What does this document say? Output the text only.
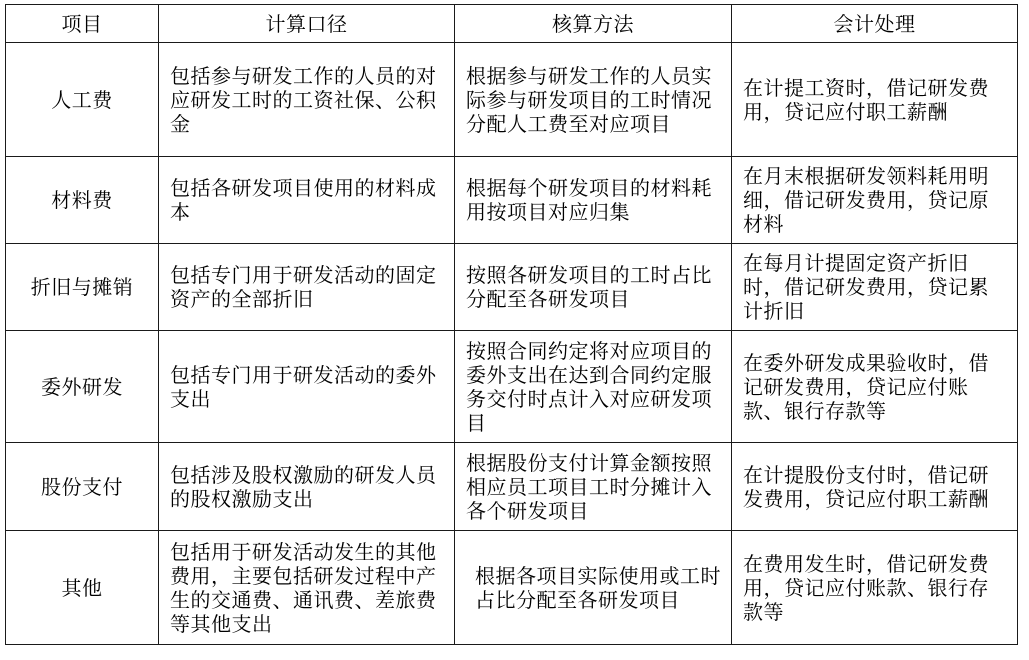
项目	计算口径	核算方法	会计处理
人工费	包括参与研发工作的人员的对应研发工时的工资社保、公积金	根据参与研发工作的人员实际参与研发项目的工时情况分配人工费至对应项目	在计提工资时，借记研发费用，贷记应付职工薪酬
材料费	包括各研发项目使用的材料成本	根据每个研发项目的材料耗用按项目对应归集	在月末根据研发领料耗用明细，借记研发费用，贷记原材料
折旧与摊销	包括专门用于研发活动的固定资产的全部折旧	按照各研发项目的工时占比分配至各研发项目	在每月计提固定资产折旧时，借记研发费用，贷记累计折旧
委外研发	包括专门用于研发活动的委外支出	按照合同约定将对应项目的委外支出在达到合同约定服务交付时点计入对应研发项目	在委外研发成果验收时，借记研发费用，贷记应付账款、银行存款等
股份支付	包括涉及股权激励的研发人员的股权激励支出	根据股份支付计算金额按照相应员工项目工时分摊计入各个研发项目	在计提股份支付时，借记研发费用，贷记应付职工薪酬
其他	包括用于研发活动发生的其他费用，主要包括研发过程中产生的交通费、通讯费、差旅费等其他支出	根据各项目实际使用或工时占比分配至各研发项目	在费用发生时，借记研发费用，贷记应付账款、银行存款等
